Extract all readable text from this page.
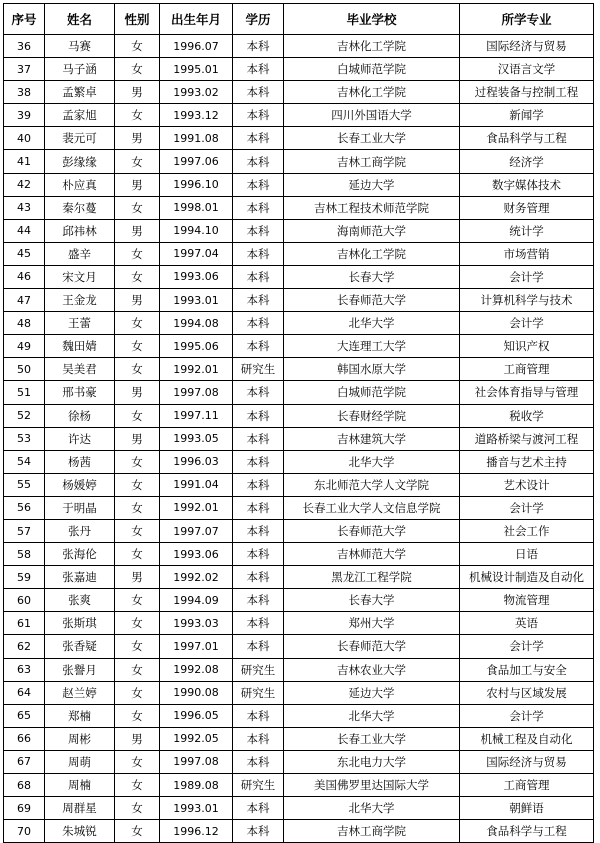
序号	姓名	性别	出生年月	学历	毕业学校	所学专业
36	马赛	女	1996.07	本科	吉林化工学院	国际经济与贸易
37	马子涵	女	1995.01	本科	白城师范学院	汉语言文学
38	孟繁卓	男	1993.02	本科	吉林化工学院	过程装备与控制工程
39	孟家旭	女	1993.12	本科	四川外国语大学	新闻学
40	裴元可	男	1991.08	本科	长春工业大学	食品科学与工程
41	彭缘缘	女	1997.06	本科	吉林工商学院	经济学
42	朴应真	男	1996.10	本科	延边大学	数字媒体技术
43	秦尔蔓	女	1998.01	本科	吉林工程技术师范学院	财务管理
44	邱祎林	男	1994.10	本科	海南师范大学	统计学
45	盛辛	女	1997.04	本科	吉林化工学院	市场营销
46	宋文月	女	1993.06	本科	长春大学	会计学
47	王金龙	男	1993.01	本科	长春师范大学	计算机科学与技术
48	王蕾	女	1994.08	本科	北华大学	会计学
49	魏田婧	女	1995.06	本科	大连理工大学	知识产权
50	吴美君	女	1992.01	研究生	韩国水原大学	工商管理
51	邢书豪	男	1997.08	本科	白城师范学院	社会体育指导与管理
52	徐杨	女	1997.11	本科	长春财经学院	税收学
53	许达	男	1993.05	本科	吉林建筑大学	道路桥梁与渡河工程
54	杨茜	女	1996.03	本科	北华大学	播音与艺术主持
55	杨媛婷	女	1991.04	本科	东北师范大学人文学院	艺术设计
56	于明晶	女	1992.01	本科	长春工业大学人文信息学院	会计学
57	张丹	女	1997.07	本科	长春师范大学	社会工作
58	张海伦	女	1993.06	本科	吉林师范大学	日语
59	张嘉迪	男	1992.02	本科	黑龙江工程学院	机械设计制造及自动化
60	张爽	女	1994.09	本科	长春大学	物流管理
61	张斯琪	女	1993.03	本科	郑州大学	英语
62	张香疑	女	1997.01	本科	长春师范大学	会计学
63	张譽月	女	1992.08	研究生	吉林农业大学	食品加工与安全
64	赵兰婷	女	1990.08	研究生	延边大学	农村与区域发展
65	郑楠	女	1996.05	本科	北华大学	会计学
66	周彬	男	1992.05	本科	长春工业大学	机械工程及自动化
67	周萌	女	1997.08	本科	东北电力大学	国际经济与贸易
68	周楠	女	1989.08	研究生	美国佛罗里达国际大学	工商管理
69	周群星	女	1993.01	本科	北华大学	朝鲜语
70	朱城锐	女	1996.12	本科	吉林工商学院	食品科学与工程
